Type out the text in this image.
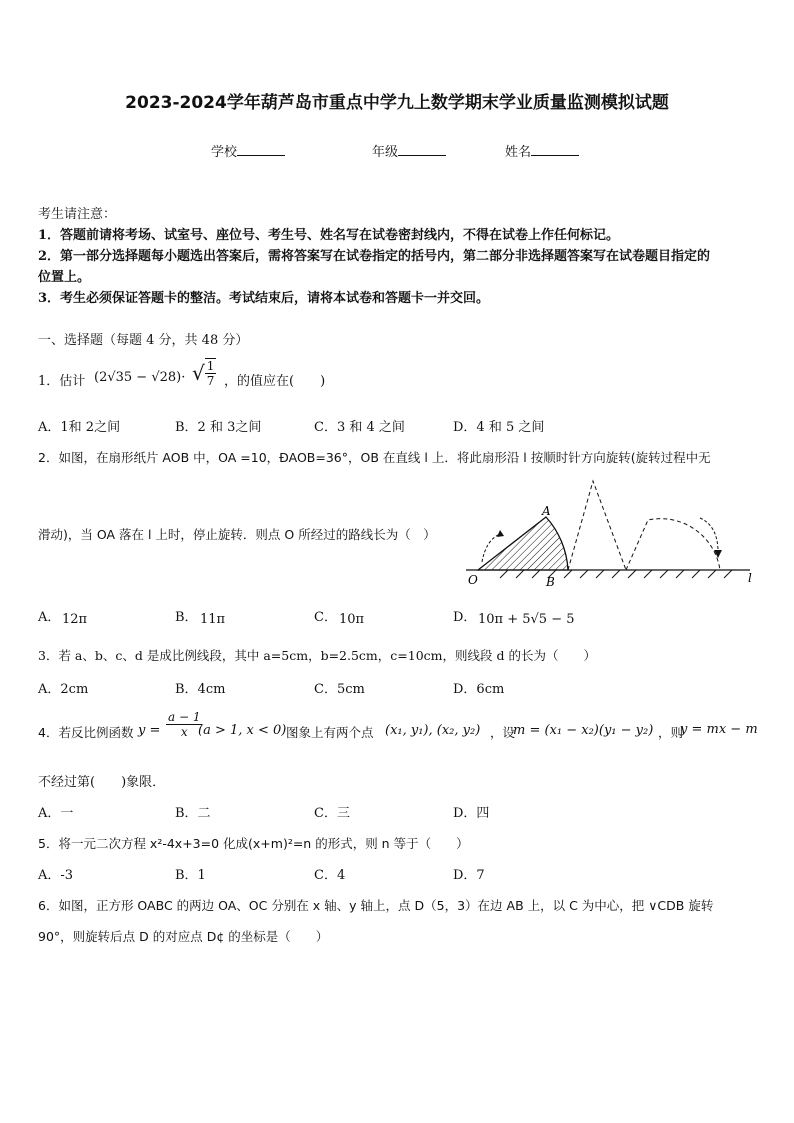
2023-2024学年葫芦岛市重点中学九上数学期末学业质量监测模拟试题
学校	年级	姓名
考生请注意：
1．答题前请将考场、试室号、座位号、考生号、姓名写在试卷密封线内，不得在试卷上作任何标记。
2．第一部分选择题每小题选出答案后，需将答案写在试卷指定的括号内，第二部分非选择题答案写在试卷题目指定的
位置上。
3．考生必须保证答题卡的整洁。考试结束后，请将本试卷和答题卡一并交回。
一、选择题（每题 4 分，共 48 分）
1．估计 (2√35 − √28)· √ $\frac{1}{7}$ ，的值应在(　　)
A．1和 2之间	B．2 和 3之间	C．3 和 4 之间	D．4 和 5 之间
2．如图，在扇形纸片 AOB 中，OA =10，ÐAOB=36°，OB 在直线 l 上．将此扇形沿 l 按顺时针方向旋转(旋转过程中无
滑动)，当 OA 落在 l 上时，停止旋转．则点 O 所经过的路线长为（　）
A
O	B	l
A． 12π	B． 11π	C． 10π	D． 10π + 5√5 − 5
3．若 a、b、c、d 是成比例线段，其中 a=5cm，b=2.5cm，c=10cm，则线段 d 的长为（　　）
A．2cm	B．4cm	C．5cm	D．6cm
4．若反比例函数 $y = \frac{a - 1}{x}$
(a > 1, x < 0) 图象上有两个点 (x₁, y₁), (x₂, y₂) ，设
m = (x₁ − x₂)(y₁ − y₂) ，则
y = mx − m
不经过第(　　)象限．
A．一	B．二	C．三	D．四
5．将一元二次方程 x²-4x+3=0 化成(x+m)²=n 的形式，则 n 等于（　　）
A．-3	B．1	C．4	D．7
6．如图，正方形 OABC 的两边 OA、OC 分别在 x 轴、y 轴上，点 D（5，3）在边 AB 上，以 C 为中心，把 ∨CDB 旋转
90°，则旋转后点 D 的对应点 D¢ 的坐标是（　　）
